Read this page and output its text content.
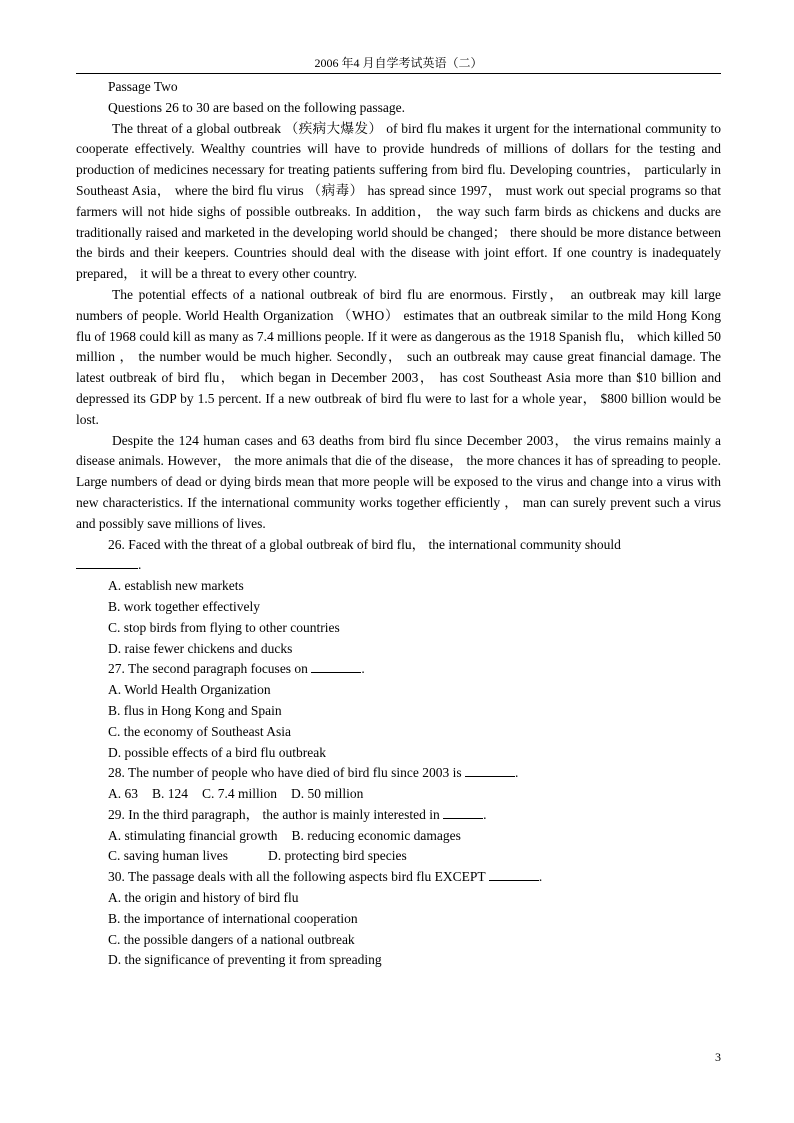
2006 年4 月自学考试英语（二）
Passage Two
Questions 26 to 30 are based on the following passage.

The threat of a global outbreak （疾病大爆发） of bird flu makes it urgent for the international community to cooperate effectively. Wealthy countries will have to provide hundreds of millions of dollars for the testing and production of medicines necessary for treating patients suffering from bird flu. Developing countries， particularly in Southeast Asia， where the bird flu virus （病毒） has spread since 1997， must work out special programs so that farmers will not hide sighs of possible outbreaks. In addition， the way such farm birds as chickens and ducks are traditionally raised and marketed in the developing world should be changed； there should be more distance between the birds and their keepers. Countries should deal with the disease with joint effort. If one country is inadequately prepared， it will be a threat to every other country.

The potential effects of a national outbreak of bird flu are enormous. Firstly， an outbreak may kill large numbers of people. World Health Organization （WHO） estimates that an outbreak similar to the mild Hong Kong flu of 1968 could kill as many as 7.4 millions people. If it were as dangerous as the 1918 Spanish flu， which killed 50 million ， the number would be much higher. Secondly， such an outbreak may cause great financial damage. The latest outbreak of bird flu， which began in December 2003， has cost Southeast Asia more than $10 billion and depressed its GDP by 1.5 percent. If a new outbreak of bird flu were to last for a whole year， $800 billion would be lost.

Despite the 124 human cases and 63 deaths from bird flu since December 2003， the virus remains mainly a disease animals. However， the more animals that die of the disease， the more chances it has of spreading to people. Large numbers of dead or dying birds mean that more people will be exposed to the virus and change into a virus with new characteristics. If the international community works together efficiently ， man can surely prevent such a virus and possibly save millions of lives.

26. Faced with the threat of a global outbreak of bird flu， the international community should

.
A. establish new markets
B. work together effectively
C. stop birds from flying to other countries
D. raise fewer chickens and ducks
27. The second paragraph focuses on	.
A. World Health Organization
B. flus in Hong Kong and Spain
C. the economy of Southeast Asia
D. possible effects of a bird flu outbreak
28. The number of people who have died of bird flu since 2003 is	.
A. 63 B. 124 C. 7.4 million D. 50 million
29. In the third paragraph， the author is mainly interested in	.
A. stimulating financial growth B. reducing economic damages
C. saving human lives	D. protecting bird species
30. The passage deals with all the following aspects bird flu EXCEPT	.
A. the origin and history of bird flu
B. the importance of international cooperation
C. the possible dangers of a national outbreak
D. the significance of preventing it from spreading
3
